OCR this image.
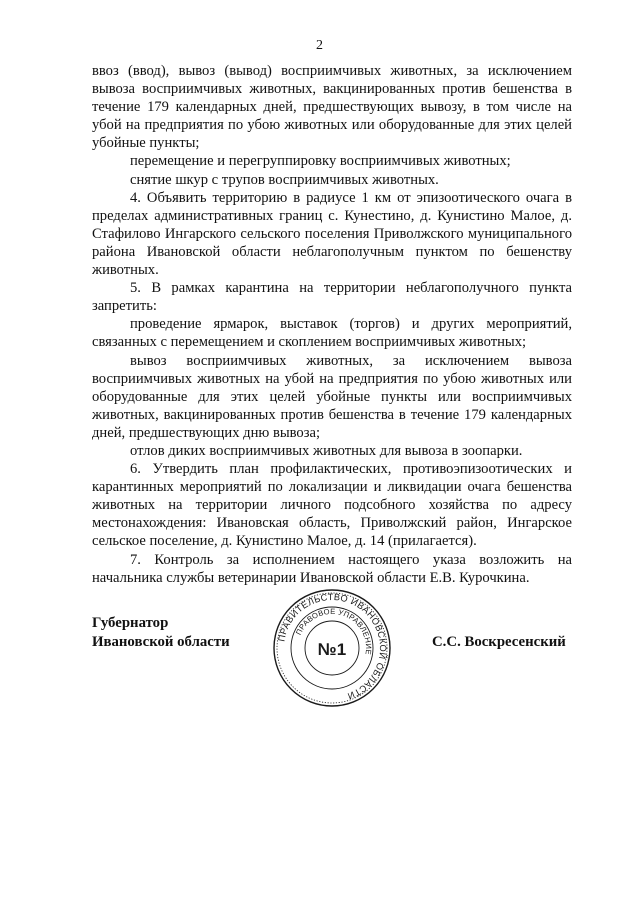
2

ввоз (ввод), вывоз (вывод) восприимчивых животных, за исключением вывоза восприимчивых животных, вакцинированных против бешенства в течение 179 календарных дней, предшествующих вывозу, в том числе на убой на предприятия по убою животных или оборудованные для этих целей убойные пункты;

перемещение и перегруппировку восприимчивых животных;

снятие шкур с трупов восприимчивых животных.

4. Объявить территорию в радиусе 1 км от эпизоотического очага в пределах административных границ с. Кунестино, д. Кунистино Малое, д. Стафилово Ингарского сельского поселения Приволжского муниципального района Ивановской области неблагополучным пунктом по бешенству животных.

5. В рамках карантина на территории неблагополучного пункта запретить:

проведение ярмарок, выставок (торгов) и других мероприятий, связанных с перемещением и скоплением восприимчивых животных;

вывоз восприимчивых животных, за исключением вывоза восприимчивых животных на убой на предприятия по убою животных или оборудованные для этих целей убойные пункты или восприимчивых животных, вакцинированных против бешенства в течение 179 календарных дней, предшествующих дню вывоза;

отлов диких восприимчивых животных для вывоза в зоопарки.

6. Утвердить план профилактических, противоэпизоотических и карантинных мероприятий по локализации и ликвидации очага бешенства животных на территории личного подсобного хозяйства по адресу местонахождения: Ивановская область, Приволжский район, Ингарское сельское поселение, д. Кунистино Малое, д. 14 (прилагается).

7. Контроль за исполнением настоящего указа возложить на начальника службы ветеринарии Ивановской области Е.В. Курочкина.

Губернатор
Ивановской области	ПРАВИТЕЛЬСТВО ИВАНОВСКОЙ ОБЛАСТИ
ПРАВОВОЕ УПРАВЛЕНИЕ
№1	С.С. Воскресенский
